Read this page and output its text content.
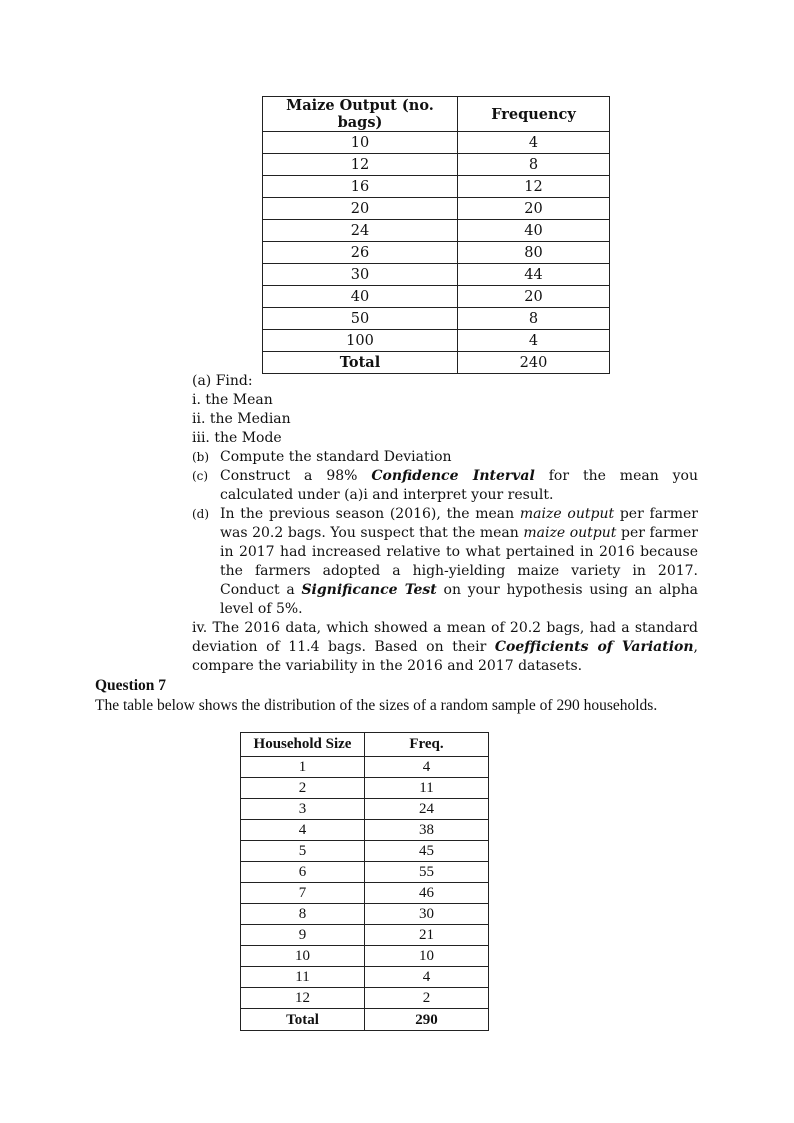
Maize Output (no. bags)	Frequency
10	4
12	8
16	12
20	20
24	40
26	80
30	44
40	20
50	8
100	4
Total	240

(a) Find:

i. the Mean

ii. the Median

iii. the Mode

(b) Compute the standard Deviation
(c) Construct a 98% Confidence Interval for the mean you calculated under (a)i and interpret your result.
(d) In the previous season (2016), the mean maize output per farmer was 20.2 bags. You suspect that the mean maize output per farmer in 2017 had increased relative to what pertained in 2016 because the farmers adopted a high-yielding maize variety in 2017. Conduct a Significance Test on your hypothesis using an alpha level of 5%.

iv. The 2016 data, which showed a mean of 20.2 bags, had a standard deviation of 11.4 bags. Based on their Coefficients of Variation, compare the variability in the 2016 and 2017 datasets.

Question 7
The table below shows the distribution of the sizes of a random sample of 290 households.
Household Size	Freq.
1	4
2	11
3	24
4	38
5	45
6	55
7	46
8	30
9	21
10	10
11	4
12	2
Total	290
